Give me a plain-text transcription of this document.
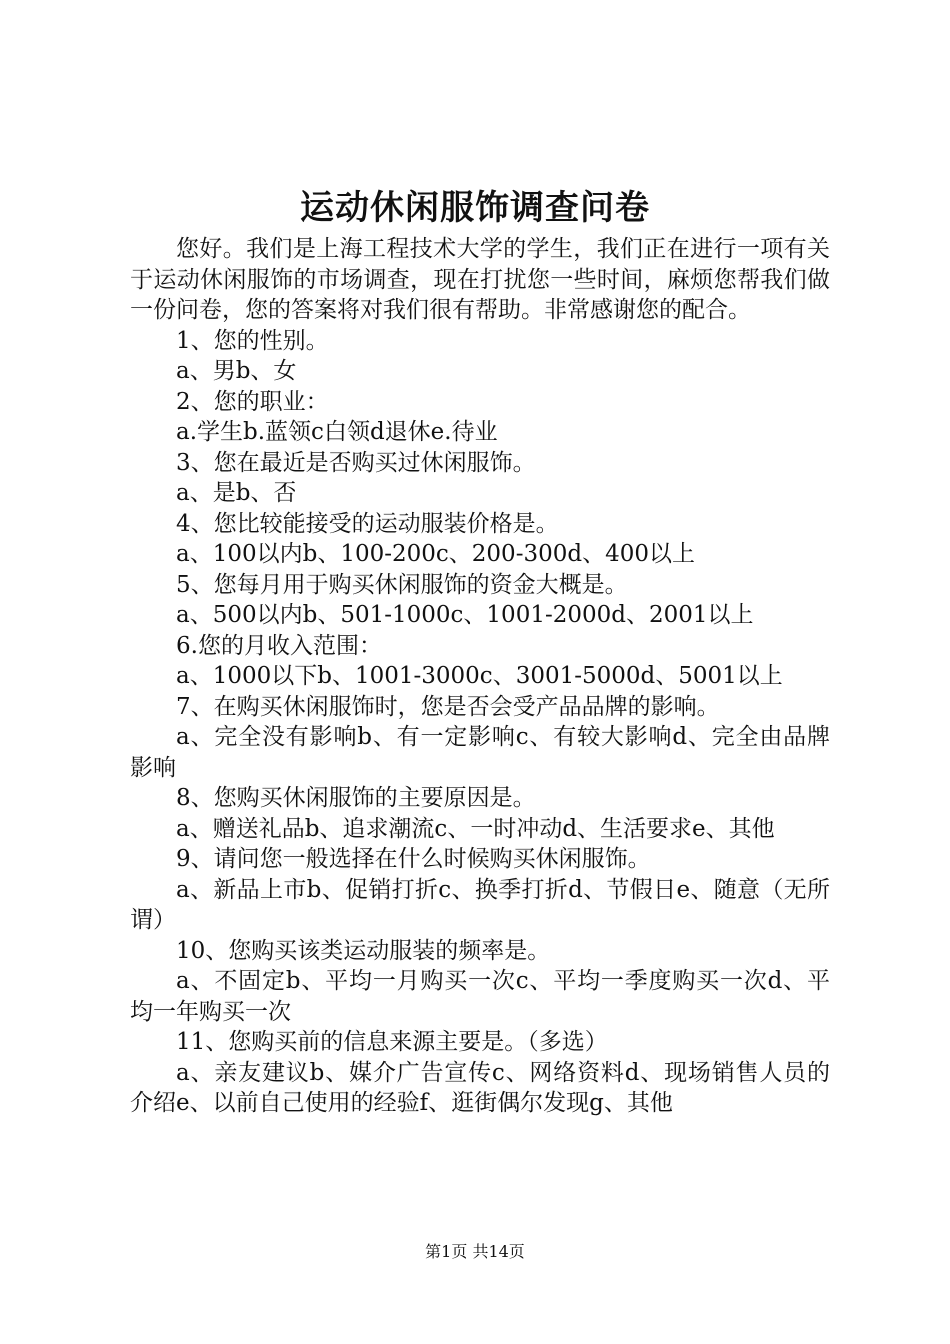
运动休闲服饰调查问卷

您好。我们是上海工程技术大学的学生，我们正在进行一项有关于运动休闲服饰的市场调查，现在打扰您一些时间，麻烦您帮我们做一份问卷，您的答案将对我们很有帮助。非常感谢您的配合。

1、您的性别。

a、男b、女

2、您的职业：

a.学生b.蓝领c白领d退休e.待业

3、您在最近是否购买过休闲服饰。

a、是b、否

4、您比较能接受的运动服装价格是。

a、100以内b、100-200c、200-300d、400以上

5、您每月用于购买休闲服饰的资金大概是。

a、500以内b、501-1000c、1001-2000d、2001以上

6.您的月收入范围：

a、1000以下b、1001-3000c、3001-5000d、5001以上

7、在购买休闲服饰时，您是否会受产品品牌的影响。

a、完全没有影响b、有一定影响c、有较大影响d、完全由品牌影响

8、您购买休闲服饰的主要原因是。

a、赠送礼品b、追求潮流c、一时冲动d、生活要求e、其他

9、请问您一般选择在什么时候购买休闲服饰。

a、新品上市b、促销打折c、换季打折d、节假日e、随意（无所谓）

10、您购买该类运动服装的频率是。

a、不固定b、平均一月购买一次c、平均一季度购买一次d、平均一年购买一次

11、您购买前的信息来源主要是。（多选）

a、亲友建议b、媒介广告宣传c、网络资料d、现场销售人员的介绍e、以前自己使用的经验f、逛街偶尔发现g、其他

第1页 共14页
